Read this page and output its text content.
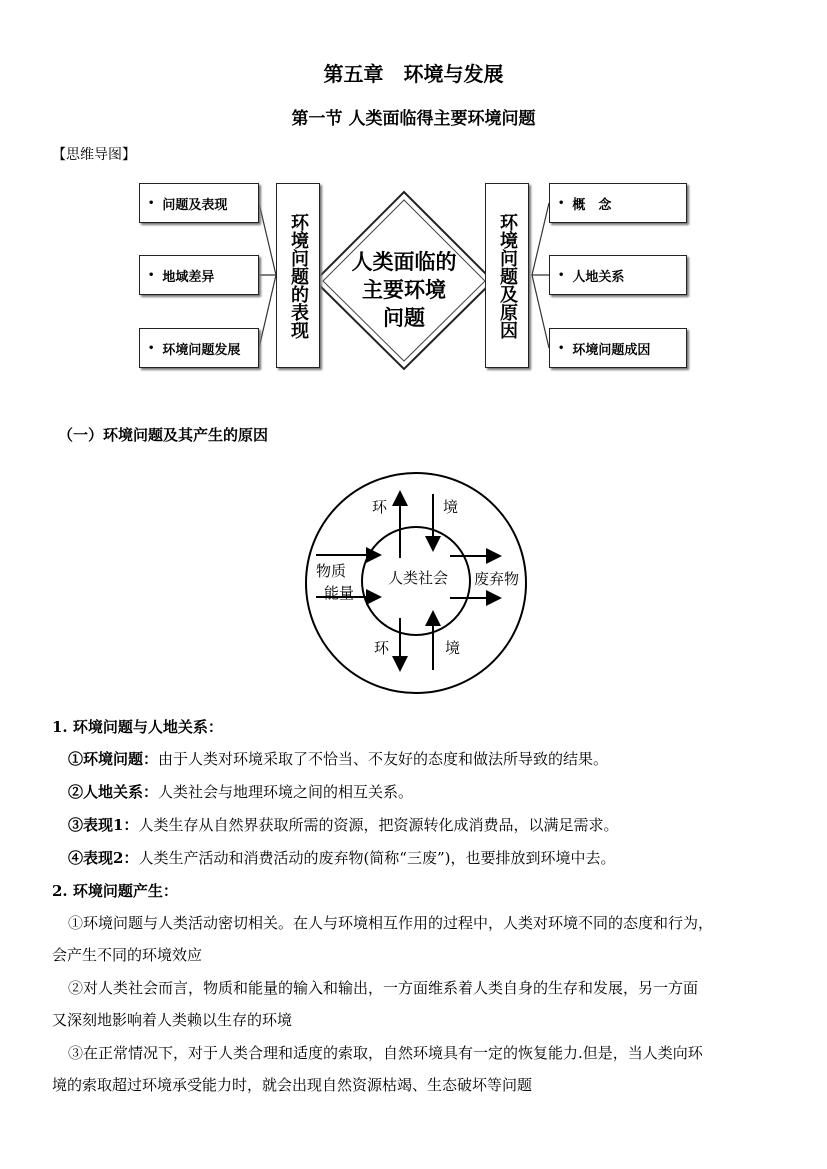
第五章　环境与发展
第一节 人类面临得主要环境问题
【思维导图】
人类面临的
主要环境
问题
• 问题及表现
• 地域差异
• 环境问题发展
环境问题的表现	环境问题及原因
• 概　念
• 人地关系
• 环境问题成因
（一）环境问题及其产生的原因
环	境
物质
能量
人类社会 废弃物
环	境
1. 环境问题与人地关系：
①环境问题：由于人类对环境采取了不恰当、不友好的态度和做法所导致的结果。
②人地关系：人类社会与地理环境之间的相互关系。
③表现1：人类生存从自然界获取所需的资源，把资源转化成消费品，以满足需求。
④表现2：人类生产活动和消费活动的废弃物(简称“三废”)，也要排放到环境中去。
2. 环境问题产生：
①环境问题与人类活动密切相关。在人与环境相互作用的过程中，人类对环境不同的态度和行为，
会产生不同的环境效应
②对人类社会而言，物质和能量的输入和输出，一方面维系着人类自身的生存和发展，另一方面
又深刻地影响着人类赖以生存的环境
③在正常情况下，对于人类合理和适度的索取，自然环境具有一定的恢复能力.但是，当人类向环
境的索取超过环境承受能力时，就会出现自然资源枯竭、生态破坏等问题
